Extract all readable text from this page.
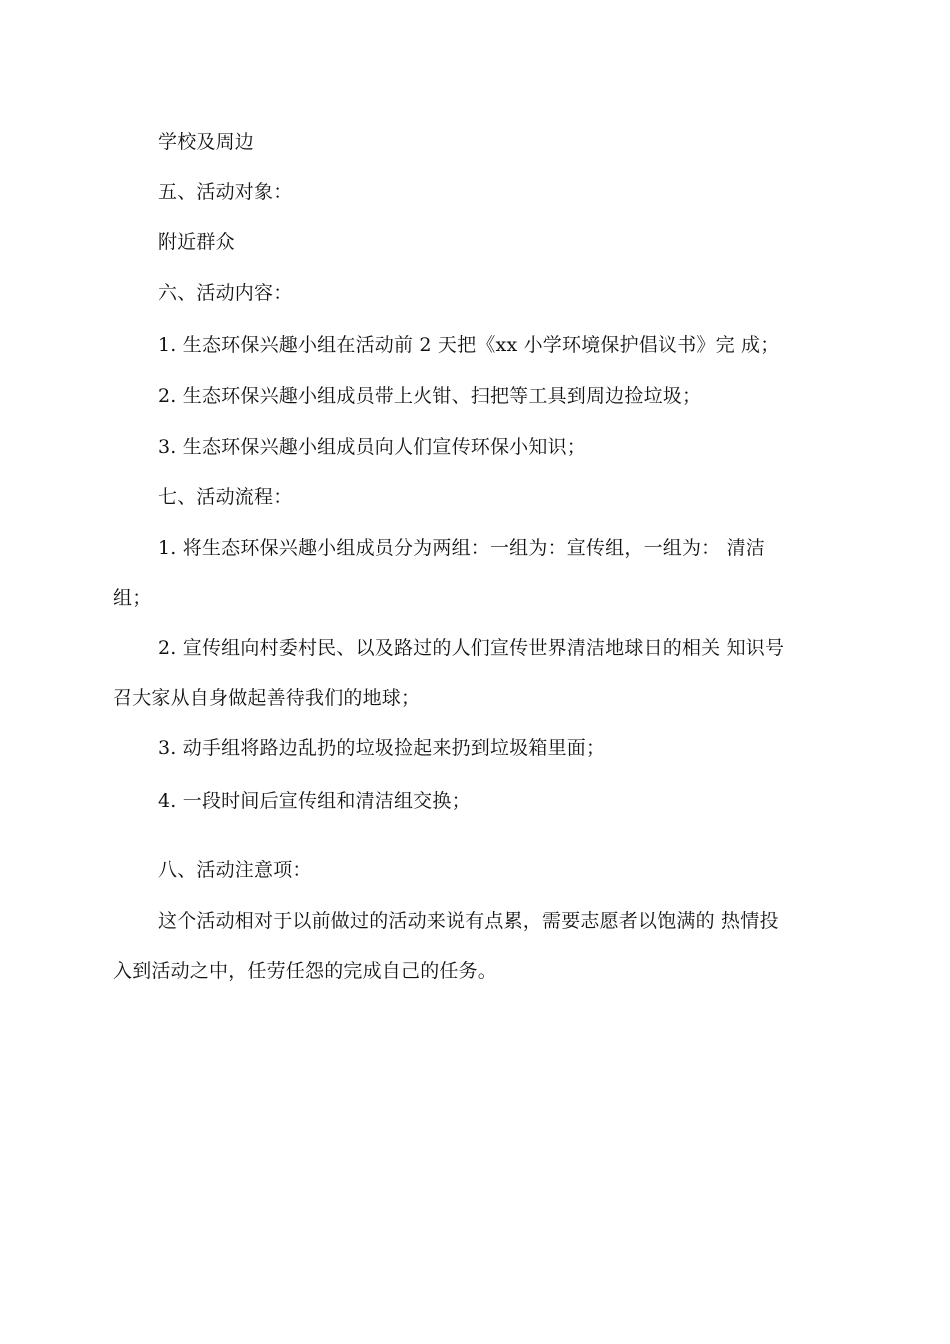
学校及周边
五、活动对象：
附近群众
六、活动内容：
1. 生态环保兴趣小组在活动前 2 天把《xx 小学环境保护倡议书》完 成；
2. 生态环保兴趣小组成员带上火钳、扫把等工具到周边捡垃圾；
3. 生态环保兴趣小组成员向人们宣传环保小知识；
七、活动流程：
1. 将生态环保兴趣小组成员分为两组：一组为：宣传组，一组为： 清洁
组；
2. 宣传组向村委村民、以及路过的人们宣传世界清洁地球日的相关 知识号
召大家从自身做起善待我们的地球；
3. 动手组将路边乱扔的垃圾捡起来扔到垃圾箱里面；
4. 一段时间后宣传组和清洁组交换；
八、活动注意项：
这个活动相对于以前做过的活动来说有点累，需要志愿者以饱满的 热情投
入到活动之中，任劳任怨的完成自己的任务。
